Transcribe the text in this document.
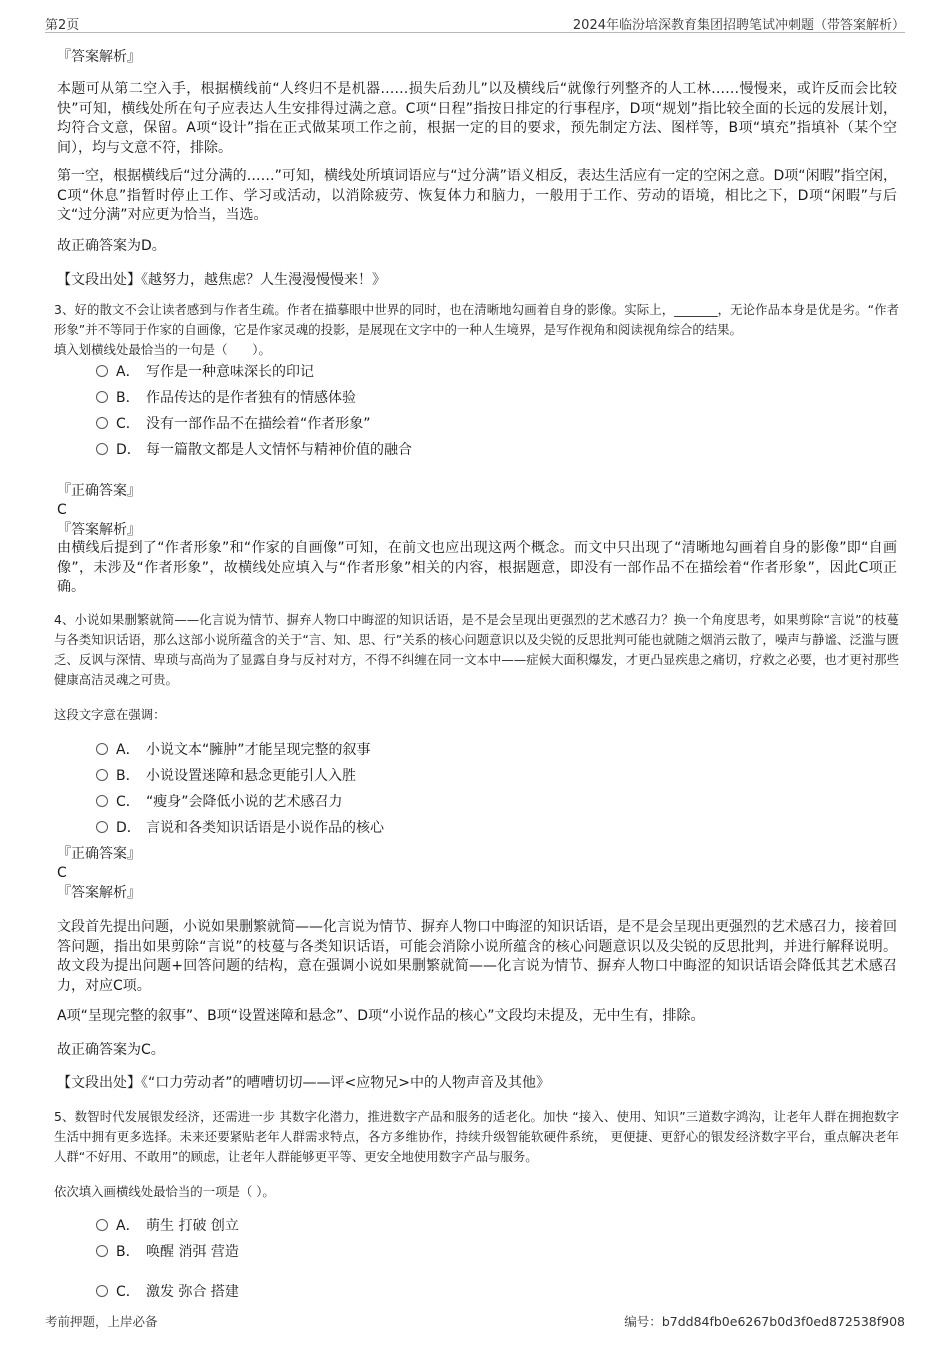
第2页	2024年临汾培深教育集团招聘笔试冲刺题（带答案解析）

『答案解析』

本题可从第二空入手，根据横线前“人终归不是机器……损失后劲儿”以及横线后“就像行列整齐的人工林……慢慢来，或许反而会比较快”可知，横线处所在句子应表达人生安排得过满之意。C项“日程”指按日排定的行事程序，D项“规划”指比较全面的长远的发展计划，均符合文意，保留。A项“设计”指在正式做某项工作之前，根据一定的目的要求，预先制定方法、图样等，B项“填充”指填补（某个空间），均与文意不符，排除。

第一空，根据横线后“过分满的……”可知，横线处所填词语应与“过分满”语义相反，表达生活应有一定的空闲之意。D项“闲暇”指空闲，C项“休息”指暂时停止工作、学习或活动，以消除疲劳、恢复体力和脑力，一般用于工作、劳动的语境，相比之下，D项“闲暇”与后文“过分满”对应更为恰当，当选。

故正确答案为D。

【文段出处】《越努力，越焦虑？人生漫漫慢慢来！》

3、好的散文不会让读者感到与作者生疏。作者在描摹眼中世界的同时，也在清晰地勾画着自身的影像。实际上，_______，无论作品本身是优是劣。“作者形象”并不等同于作家的自画像，它是作家灵魂的投影，是展现在文字中的一种人生境界，是写作视角和阅读视角综合的结果。

填入划横线处最恰当的一句是（　　）。

A． 写作是一种意味深长的印记
B． 作品传达的是作者独有的情感体验
C． 没有一部作品不在描绘着“作者形象”
D． 每一篇散文都是人文情怀与精神价值的融合

『正确答案』

C

『答案解析』

由横线后提到了“作者形象”和“作家的自画像”可知，在前文也应出现这两个概念。而文中只出现了“清晰地勾画着自身的影像”即“自画像”，未涉及“作者形象”，故横线处应填入与“作者形象”相关的内容，根据题意，即没有一部作品不在描绘着“作者形象”，因此C项正确。

4、小说如果删繁就简——化言说为情节、摒弃人物口中晦涩的知识话语，是不是会呈现出更强烈的艺术感召力？换一个角度思考，如果剪除“言说”的枝蔓与各类知识话语，那么这部小说所蕴含的关于“言、知、思、行”关系的核心问题意识以及尖锐的反思批判可能也就随之烟消云散了，噪声与静谧、泛滥与匮乏、反讽与深情、卑琐与高尚为了显露自身与反衬对方，不得不纠缠在同一文本中——症候大面积爆发，才更凸显疾患之痛切，疗救之必要，也才更衬那些健康高洁灵魂之可贵。

这段文字意在强调：

A． 小说文本“臃肿”才能呈现完整的叙事
B． 小说设置迷障和悬念更能引人入胜
C． “瘦身”会降低小说的艺术感召力
D． 言说和各类知识话语是小说作品的核心

『正确答案』

C

『答案解析』

文段首先提出问题，小说如果删繁就简——化言说为情节、摒弃人物口中晦涩的知识话语，是不是会呈现出更强烈的艺术感召力，接着回答问题，指出如果剪除“言说”的枝蔓与各类知识话语，可能会消除小说所蕴含的核心问题意识以及尖锐的反思批判，并进行解释说明。故文段为提出问题+回答问题的结构，意在强调小说如果删繁就简——化言说为情节、摒弃人物口中晦涩的知识话语会降低其艺术感召力，对应C项。

A项“呈现完整的叙事”、B项“设置迷障和悬念”、D项“小说作品的核心”文段均未提及，无中生有，排除。

故正确答案为C。

【文段出处】《“口力劳动者”的嘈嘈切切——评<应物兄>中的人物声音及其他》

5、数智时代发展银发经济，还需进一步 其数字化潜力，推进数字产品和服务的适老化。加快 “接入、使用、知识”三道数字鸿沟，让老年人群在拥抱数字生活中拥有更多选择。未来还要紧贴老年人群需求特点，各方多维协作，持续升级智能软硬件系统， 更便捷、更舒心的银发经济数字平台，重点解决老年人群“不好用、不敢用”的顾虑，让老年人群能够更平等、更安全地使用数字产品与服务。

依次填入画横线处最恰当的一项是（ ）。

A． 萌生 打破 创立
B． 唤醒 消弭 营造
C． 激发 弥合 搭建
考前押题，上岸必备	编号：b7dd84fb0e6267b0d3f0ed872538f908
